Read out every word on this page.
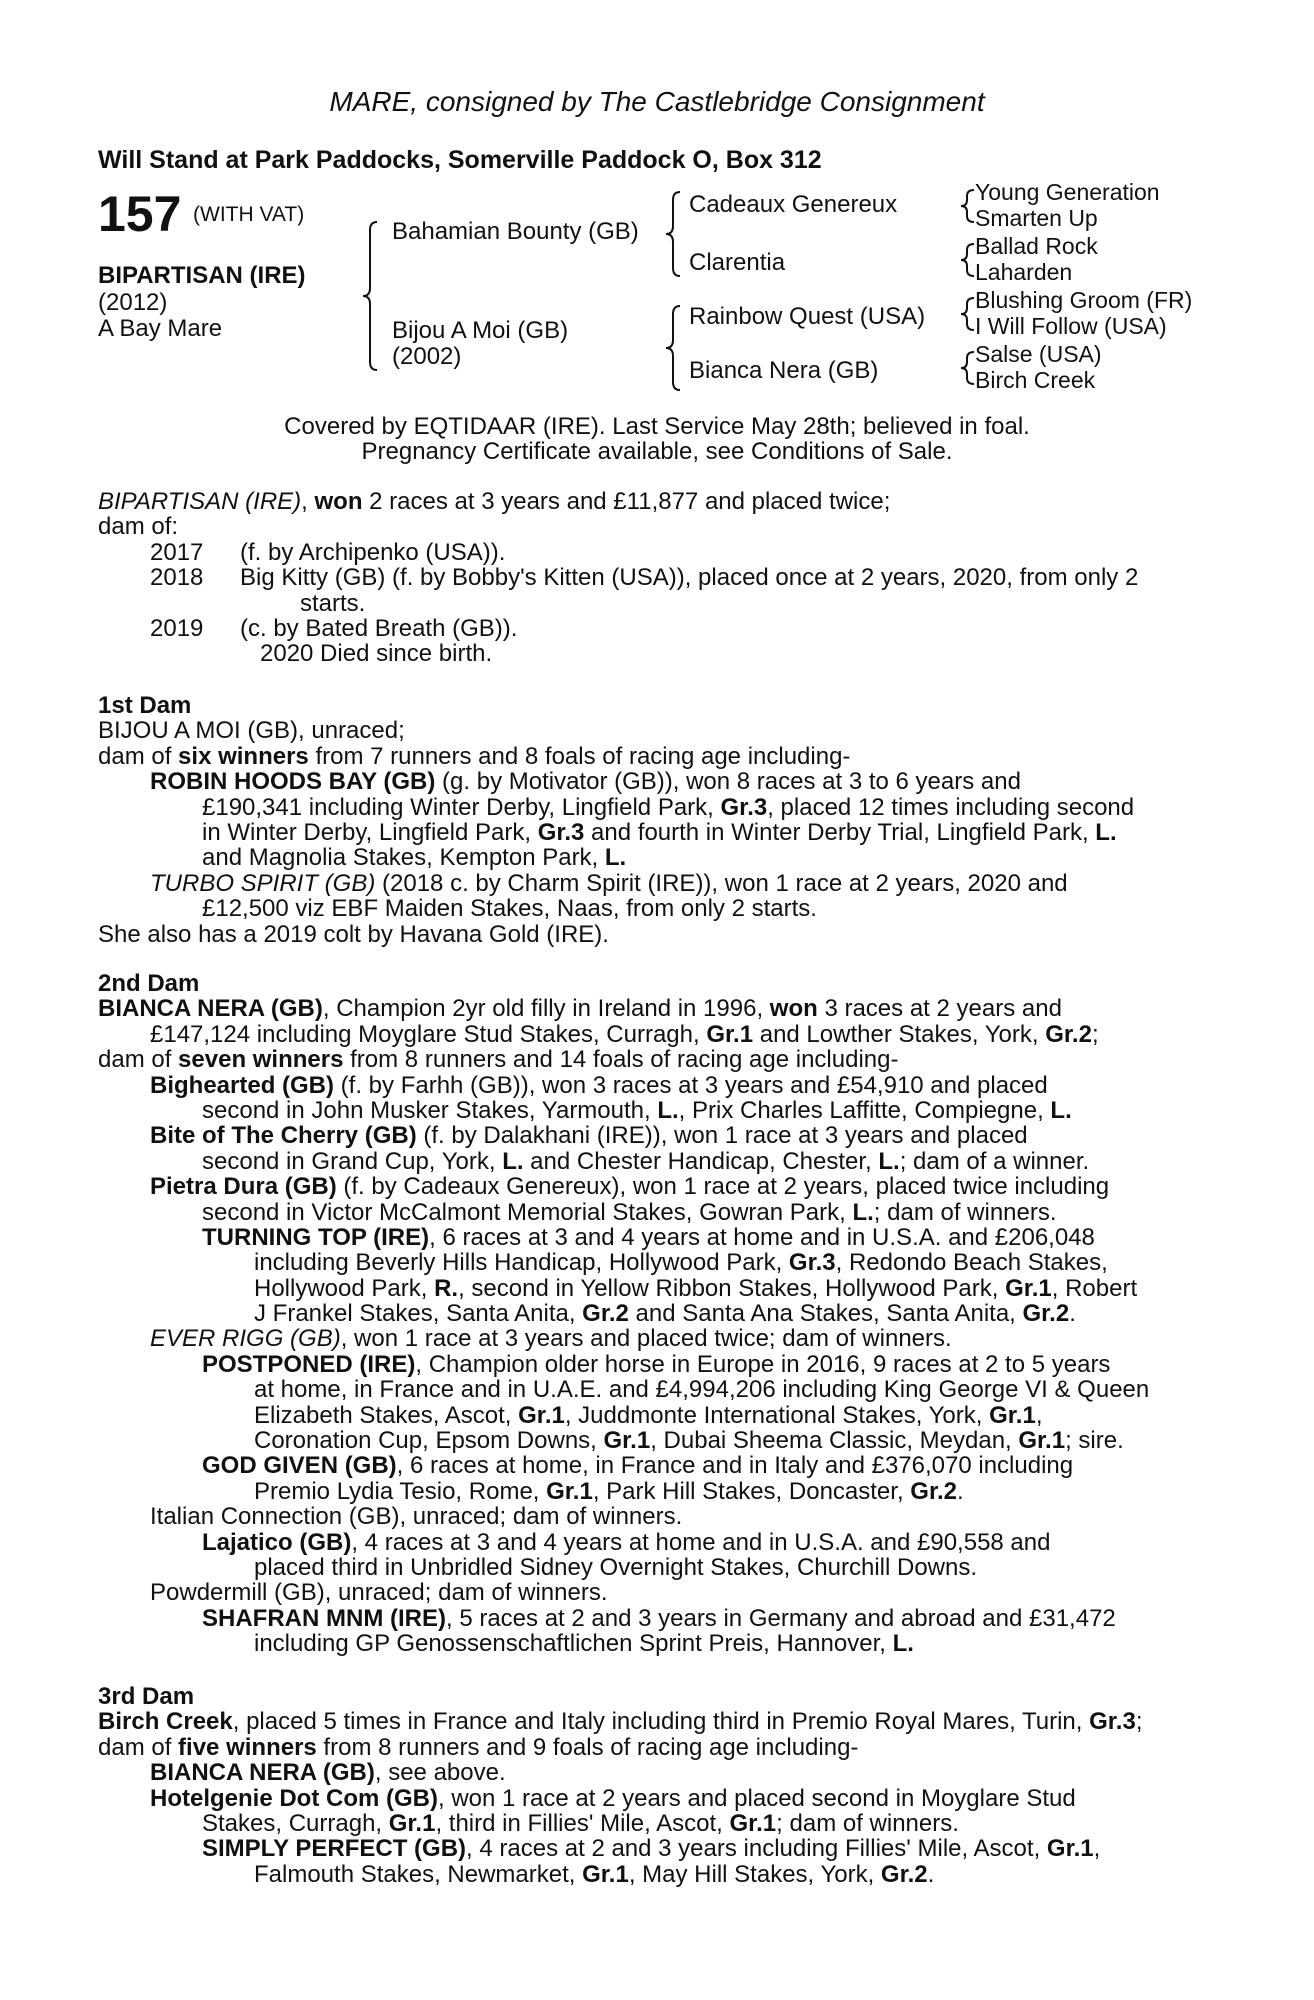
MARE, consigned by The Castlebridge Consignment
Will Stand at Park Paddocks, Somerville Paddock O, Box 312
157 (WITH VAT)
BIPARTISAN (IRE)
(2012)
A Bay Mare
Bahamian Bounty (GB)
Bijou A Moi (GB)
(2002)
Cadeaux Genereux
Clarentia
Rainbow Quest (USA)
Bianca Nera (GB)
Young Generation
Smarten Up
Ballad Rock
Laharden
Blushing Groom (FR)
I Will Follow (USA)
Salse (USA)
Birch Creek
Covered by EQTIDAAR (IRE). Last Service May 28th; believed in foal.
Pregnancy Certificate available, see Conditions of Sale.
BIPARTISAN (IRE), won 2 races at 3 years and £11,877 and placed twice;
dam of:
2017 (f. by Archipenko (USA)).
2018 Big Kitty (GB) (f. by Bobby's Kitten (USA)), placed once at 2 years, 2020, from only 2
starts.
2019 (c. by Bated Breath (GB)).
2020 Died since birth.
1st Dam
BIJOU A MOI (GB), unraced;
dam of six winners from 7 runners and 8 foals of racing age including-
ROBIN HOODS BAY (GB) (g. by Motivator (GB)), won 8 races at 3 to 6 years and
£190,341 including Winter Derby, Lingfield Park, Gr.3, placed 12 times including second
in Winter Derby, Lingfield Park, Gr.3 and fourth in Winter Derby Trial, Lingfield Park, L.
and Magnolia Stakes, Kempton Park, L.
TURBO SPIRIT (GB) (2018 c. by Charm Spirit (IRE)), won 1 race at 2 years, 2020 and
£12,500 viz EBF Maiden Stakes, Naas, from only 2 starts.
She also has a 2019 colt by Havana Gold (IRE).
2nd Dam
BIANCA NERA (GB), Champion 2yr old filly in Ireland in 1996, won 3 races at 2 years and
£147,124 including Moyglare Stud Stakes, Curragh, Gr.1 and Lowther Stakes, York, Gr.2;
dam of seven winners from 8 runners and 14 foals of racing age including-
Bighearted (GB) (f. by Farhh (GB)), won 3 races at 3 years and £54,910 and placed
second in John Musker Stakes, Yarmouth, L., Prix Charles Laffitte, Compiegne, L.
Bite of The Cherry (GB) (f. by Dalakhani (IRE)), won 1 race at 3 years and placed
second in Grand Cup, York, L. and Chester Handicap, Chester, L.; dam of a winner.
Pietra Dura (GB) (f. by Cadeaux Genereux), won 1 race at 2 years, placed twice including
second in Victor McCalmont Memorial Stakes, Gowran Park, L.; dam of winners.
TURNING TOP (IRE), 6 races at 3 and 4 years at home and in U.S.A. and £206,048
including Beverly Hills Handicap, Hollywood Park, Gr.3, Redondo Beach Stakes,
Hollywood Park, R., second in Yellow Ribbon Stakes, Hollywood Park, Gr.1, Robert
J Frankel Stakes, Santa Anita, Gr.2 and Santa Ana Stakes, Santa Anita, Gr.2.
EVER RIGG (GB), won 1 race at 3 years and placed twice; dam of winners.
POSTPONED (IRE), Champion older horse in Europe in 2016, 9 races at 2 to 5 years
at home, in France and in U.A.E. and £4,994,206 including King George VI & Queen
Elizabeth Stakes, Ascot, Gr.1, Juddmonte International Stakes, York, Gr.1,
Coronation Cup, Epsom Downs, Gr.1, Dubai Sheema Classic, Meydan, Gr.1; sire.
GOD GIVEN (GB), 6 races at home, in France and in Italy and £376,070 including
Premio Lydia Tesio, Rome, Gr.1, Park Hill Stakes, Doncaster, Gr.2.
Italian Connection (GB), unraced; dam of winners.
Lajatico (GB), 4 races at 3 and 4 years at home and in U.S.A. and £90,558 and
placed third in Unbridled Sidney Overnight Stakes, Churchill Downs.
Powdermill (GB), unraced; dam of winners.
SHAFRAN MNM (IRE), 5 races at 2 and 3 years in Germany and abroad and £31,472
including GP Genossenschaftlichen Sprint Preis, Hannover, L.
3rd Dam
Birch Creek, placed 5 times in France and Italy including third in Premio Royal Mares, Turin, Gr.3;
dam of five winners from 8 runners and 9 foals of racing age including-
BIANCA NERA (GB), see above.
Hotelgenie Dot Com (GB), won 1 race at 2 years and placed second in Moyglare Stud
Stakes, Curragh, Gr.1, third in Fillies' Mile, Ascot, Gr.1; dam of winners.
SIMPLY PERFECT (GB), 4 races at 2 and 3 years including Fillies' Mile, Ascot, Gr.1,
Falmouth Stakes, Newmarket, Gr.1, May Hill Stakes, York, Gr.2.
